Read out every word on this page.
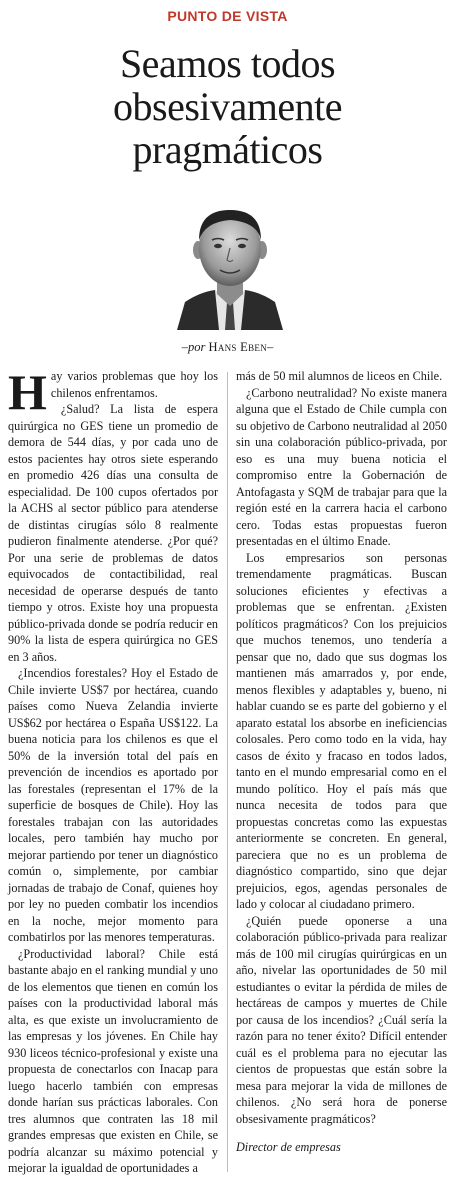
PUNTO DE VISTA
Seamos todos
obsesivamente
pragmáticos
–por Hans Eben–

Hay varios problemas que hoy los chilenos enfrentamos.

¿Salud? La lista de espera quirúrgica no GES tiene un promedio de demora de 544 días, y por cada uno de estos pacientes hay otros siete esperando en promedio 426 días una consulta de especialidad. De 100 cupos ofertados por la ACHS al sector público para atenderse de distintas cirugías sólo 8 realmente pudieron finalmente atenderse. ¿Por qué? Por una serie de problemas de datos equivocados de contactibilidad, real necesidad de operarse después de tanto tiempo y otros. Existe hoy una propuesta público-privada donde se podría reducir en 90% la lista de espera quirúrgica no GES en 3 años.

¿Incendios forestales? Hoy el Estado de Chile invierte US$7 por hectárea, cuando países como Nueva Zelandia invierte US$62 por hectárea o España US$122. La buena noticia para los chilenos es que el 50% de la inversión total del país en prevención de incendios es aportado por las forestales (representan el 17% de la superficie de bosques de Chile). Hoy las forestales trabajan con las autoridades locales, pero también hay mucho por mejorar partiendo por tener un diagnóstico común o, simplemente, por cambiar jornadas de trabajo de Conaf, quienes hoy por ley no pueden combatir los incendios en la noche, mejor momento para combatirlos por las menores temperaturas.

¿Productividad laboral? Chile está bastante abajo en el ranking mundial y uno de los elementos que tienen en común los países con la productividad laboral más alta, es que existe un involucramiento de las empresas y los jóvenes. En Chile hay 930 liceos técnico-profesional y existe una propuesta de conectarlos con Inacap para luego hacerlo también con empresas donde harían sus prácticas laborales. Con tres alumnos que contraten las 18 mil grandes empresas que existen en Chile, se podría alcanzar su máximo potencial y mejorar la igualdad de oportunidades a

más de 50 mil alumnos de liceos en Chile.

¿Carbono neutralidad? No existe manera alguna que el Estado de Chile cumpla con su objetivo de Carbono neutralidad al 2050 sin una colaboración público-privada, por eso es una muy buena noticia el compromiso entre la Gobernación de Antofagasta y SQM de trabajar para que la región esté en la carrera hacia el carbono cero. Todas estas propuestas fueron presentadas en el último Enade.

Los empresarios son personas tremendamente pragmáticas. Buscan soluciones eficientes y efectivas a problemas que se enfrentan. ¿Existen políticos pragmáticos? Con los prejuicios que muchos tenemos, uno tendería a pensar que no, dado que sus dogmas los mantienen más amarrados y, por ende, menos flexibles y adaptables y, bueno, ni hablar cuando se es parte del gobierno y el aparato estatal los absorbe en ineficiencias colosales. Pero como todo en la vida, hay casos de éxito y fracaso en todos lados, tanto en el mundo empresarial como en el mundo político. Hoy el país más que nunca necesita de todos para que propuestas concretas como las expuestas anteriormente se concreten. En general, pareciera que no es un problema de diagnóstico compartido, sino que dejar prejuicios, egos, agendas personales de lado y colocar al ciudadano primero.

¿Quién puede oponerse a una colaboración público-privada para realizar más de 100 mil cirugías quirúrgicas en un año, nivelar las oportunidades de 50 mil estudiantes o evitar la pérdida de miles de hectáreas de campos y muertes de Chile por causa de los incendios? ¿Cuál sería la razón para no tener éxito? Difícil entender cuál es el problema para no ejecutar las cientos de propuestas que están sobre la mesa para mejorar la vida de millones de chilenos. ¿No será hora de ponerse obsesivamente pragmáticos?

Director de empresas
